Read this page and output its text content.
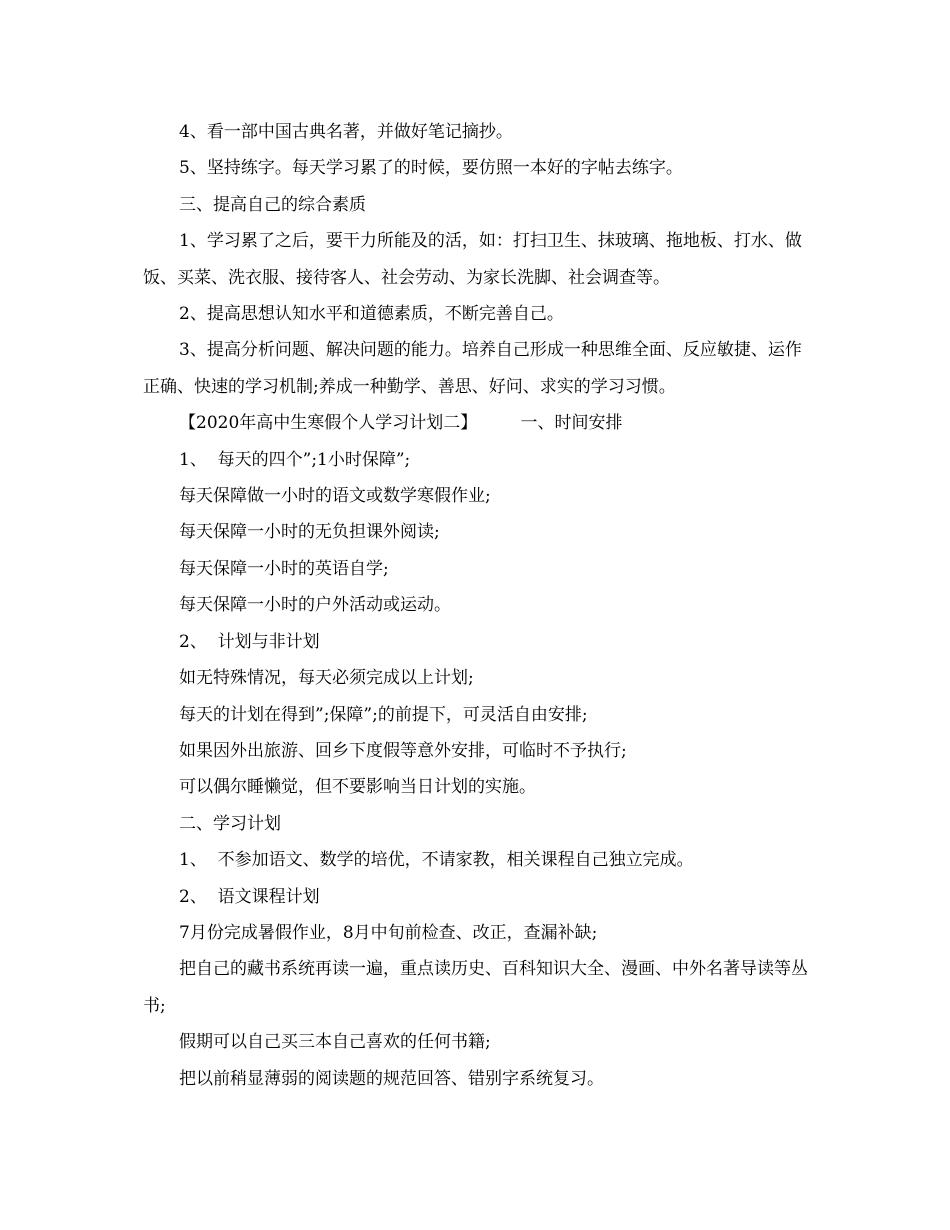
4、看一部中国古典名著，并做好笔记摘抄。

5、坚持练字。每天学习累了的时候，要仿照一本好的字帖去练字。

三、提高自己的综合素质

1、学习累了之后，要干力所能及的活，如：打扫卫生、抹玻璃、拖地板、打水、做饭、买菜、洗衣服、接待客人、社会劳动、为家长洗脚、社会调查等。

2、提高思想认知水平和道德素质，不断完善自己。

3、提高分析问题、解决问题的能力。培养自己形成一种思维全面、反应敏捷、运作正确、快速的学习机制;养成一种勤学、善思、好问、求实的学习习惯。

【2020年高中生寒假个人学习计划二】        一、时间安排

1、  每天的四个”;1小时保障”;

每天保障做一小时的语文或数学寒假作业;

每天保障一小时的无负担课外阅读;

每天保障一小时的英语自学;

每天保障一小时的户外活动或运动。

2、  计划与非计划

如无特殊情况，每天必须完成以上计划;

每天的计划在得到”;保障”;的前提下，可灵活自由安排;

如果因外出旅游、回乡下度假等意外安排，可临时不予执行;

可以偶尔睡懒觉，但不要影响当日计划的实施。

二、学习计划

1、  不参加语文、数学的培优，不请家教，相关课程自己独立完成。

2、  语文课程计划

7月份完成暑假作业，8月中旬前检查、改正，查漏补缺;

把自己的藏书系统再读一遍，重点读历史、百科知识大全、漫画、中外名著导读等丛书;

假期可以自己买三本自己喜欢的任何书籍;

把以前稍显薄弱的阅读题的规范回答、错别字系统复习。
